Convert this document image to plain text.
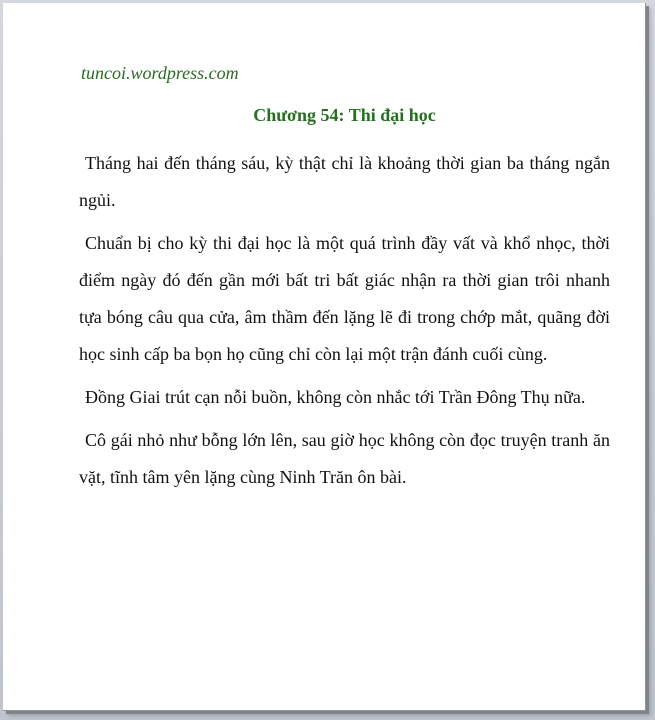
tuncoi.wordpress.com
Chương 54: Thi đại học

Tháng hai đến tháng sáu, kỳ thật chỉ là khoảng thời gian ba tháng ngắn ngủi.

Chuẩn bị cho kỳ thi đại học là một quá trình đầy vất và khổ nhọc, thời điểm ngày đó đến gần mới bất tri bất giác nhận ra thời gian trôi nhanh tựa bóng câu qua cửa, âm thầm đến lặng lẽ đi trong chớp mắt, quãng đời học sinh cấp ba bọn họ cũng chỉ còn lại một trận đánh cuối cùng.

Đồng Giai trút cạn nỗi buồn, không còn nhắc tới Trần Đông Thụ nữa.

Cô gái nhỏ như bỗng lớn lên, sau giờ học không còn đọc truyện tranh ăn vặt, tĩnh tâm yên lặng cùng Ninh Trăn ôn bài.
